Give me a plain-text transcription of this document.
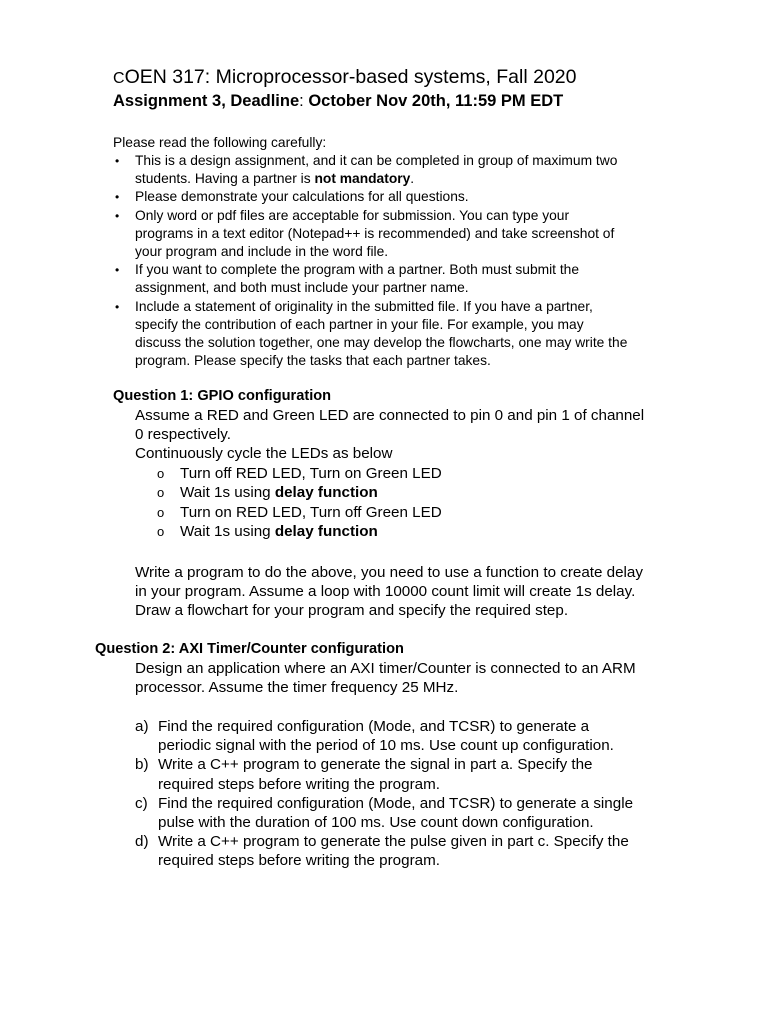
COEN 317: Microprocessor-based systems, Fall 2020
Assignment 3, Deadline: October Nov 20th, 11:59 PM EDT
Please read the following carefully:
•	This is a design assignment, and it can be completed in group of maximum two
students. Having a partner is not mandatory.
•	Please demonstrate your calculations for all questions.
•	Only word or pdf files are acceptable for submission. You can type your
programs in a text editor (Notepad++ is recommended) and take screenshot of
your program and include in the word file.
•	If you want to complete the program with a partner. Both must submit the
assignment, and both must include your partner name.
•	Include a statement of originality in the submitted file. If you have a partner,
specify the contribution of each partner in your file. For example, you may
discuss the solution together, one may develop the flowcharts, one may write the
program. Please specify the tasks that each partner takes.
Question 1: GPIO configuration
Assume a RED and Green LED are connected to pin 0 and pin 1 of channel
0 respectively.
Continuously cycle the LEDs as below
o	Turn off RED LED, Turn on Green LED
o	Wait 1s using delay function
o	Turn on RED LED, Turn off Green LED
o	Wait 1s using delay function
Write a program to do the above, you need to use a function to create delay
in your program. Assume a loop with 10000 count limit will create 1s delay.
Draw a flowchart for your program and specify the required step.
Question 2: AXI Timer/Counter configuration
Design an application where an AXI timer/Counter is connected to an ARM
processor. Assume the timer frequency 25 MHz.
a) Find the required configuration (Mode, and TCSR) to generate a
periodic signal with the period of 10 ms. Use count up configuration.
b) Write a C++ program to generate the signal in part a. Specify the
required steps before writing the program.
c) Find the required configuration (Mode, and TCSR) to generate a single
pulse with the duration of 100 ms. Use count down configuration.
d) Write a C++ program to generate the pulse given in part c. Specify the
required steps before writing the program.
